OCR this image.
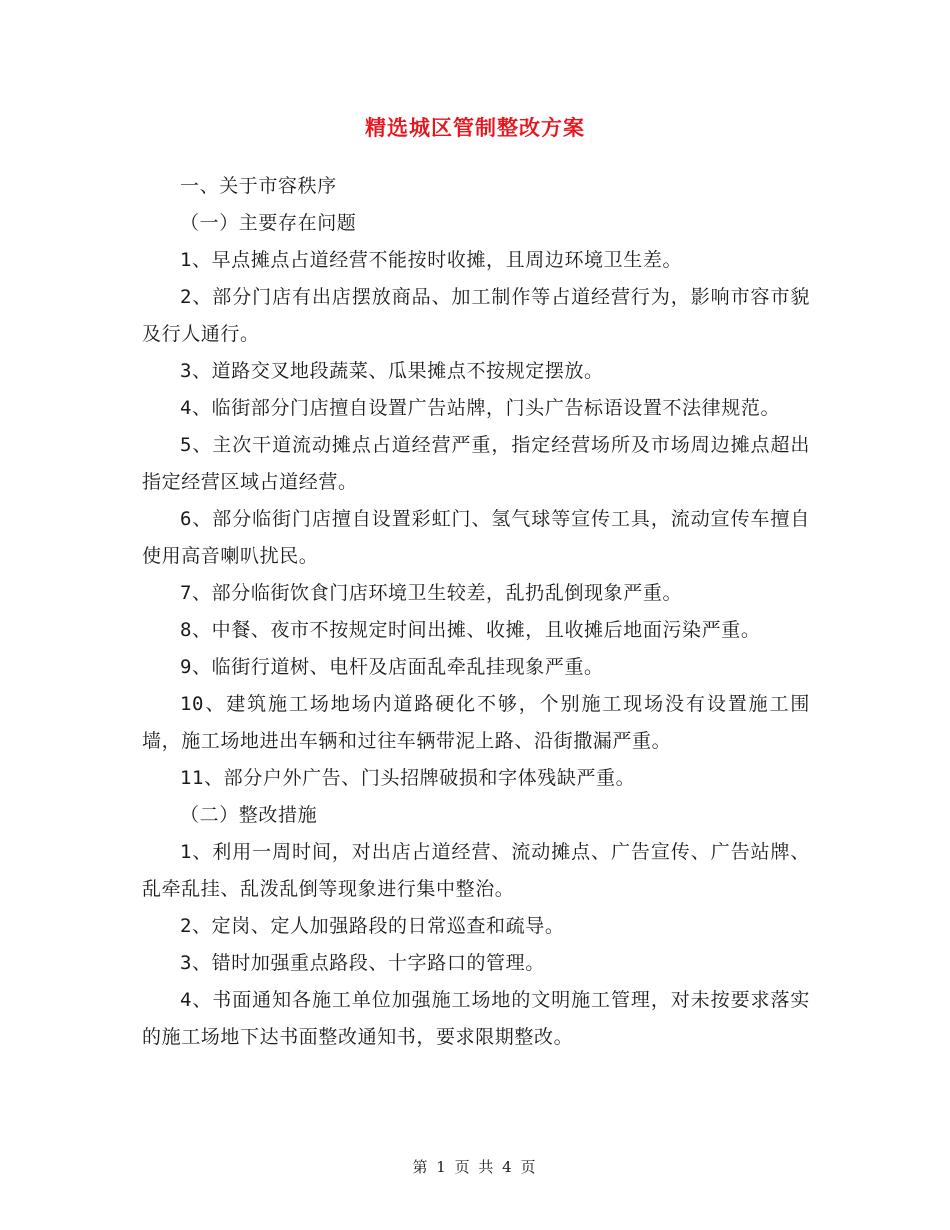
精选城区管制整改方案

一、关于市容秩序

（一）主要存在问题

1、早点摊点占道经营不能按时收摊，且周边环境卫生差。

2、部分门店有出店摆放商品、加工制作等占道经营行为，影响市容市貌及行人通行。

3、道路交叉地段蔬菜、瓜果摊点不按规定摆放。

4、临街部分门店擅自设置广告站牌，门头广告标语设置不法律规范。

5、主次干道流动摊点占道经营严重，指定经营场所及市场周边摊点超出指定经营区域占道经营。

6、部分临街门店擅自设置彩虹门、氢气球等宣传工具，流动宣传车擅自使用高音喇叭扰民。

7、部分临街饮食门店环境卫生较差，乱扔乱倒现象严重。

8、中餐、夜市不按规定时间出摊、收摊，且收摊后地面污染严重。

9、临街行道树、电杆及店面乱牵乱挂现象严重。

10、建筑施工场地场内道路硬化不够，个别施工现场没有设置施工围墙，施工场地进出车辆和过往车辆带泥上路、沿街撒漏严重。

11、部分户外广告、门头招牌破损和字体残缺严重。

（二）整改措施

1、利用一周时间，对出店占道经营、流动摊点、广告宣传、广告站牌、乱牵乱挂、乱泼乱倒等现象进行集中整治。

2、定岗、定人加强路段的日常巡查和疏导。

3、错时加强重点路段、十字路口的管理。

4、书面通知各施工单位加强施工场地的文明施工管理，对未按要求落实的施工场地下达书面整改通知书，要求限期整改。

第 1 页 共 4 页
